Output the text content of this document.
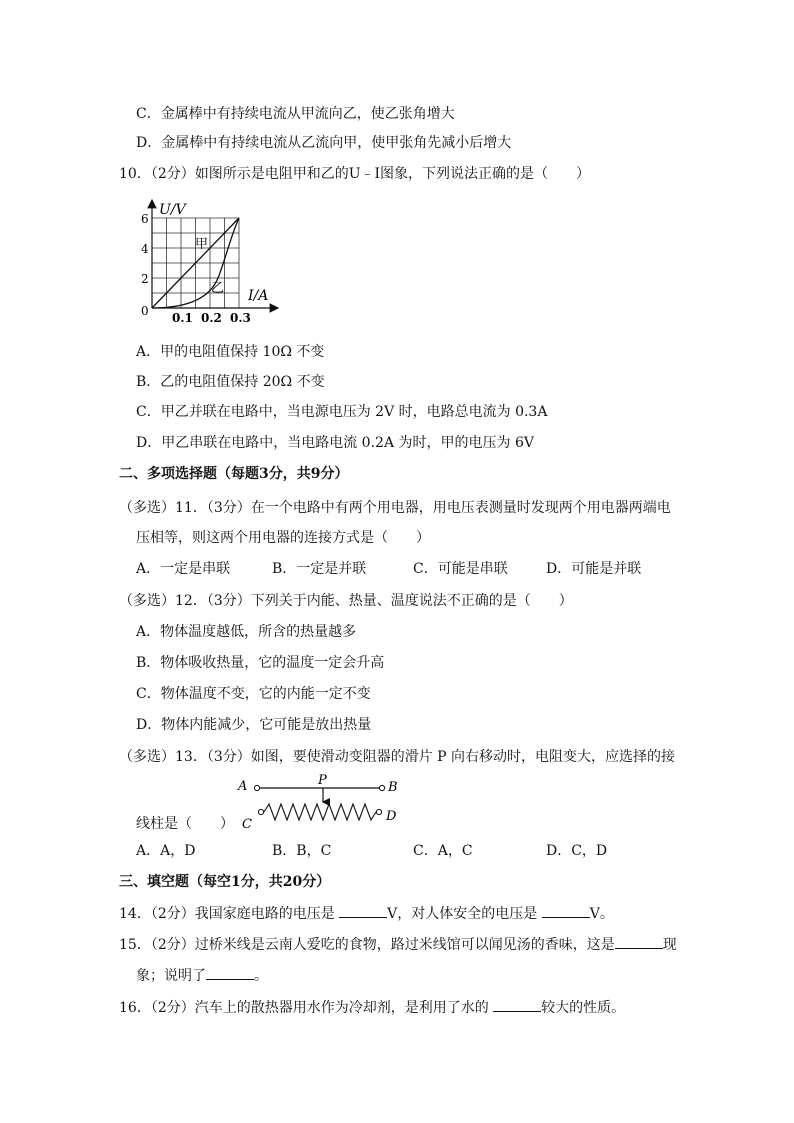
C．金属棒中有持续电流从甲流向乙，使乙张角增大
D．金属棒中有持续电流从乙流向甲，使甲张角先减小后增大
10．（2分）如图所示是电阻甲和乙的U﹣I图象，下列说法正确的是（　　）
U/V
I/A
6
4
2
0 0.1 0.2 0.3
甲
乙
A．甲的电阻值保持 10Ω 不变
B．乙的电阻值保持 20Ω 不变
C．甲乙并联在电路中，当电源电压为 2V 时，电路总电流为 0.3A
D．甲乙串联在电路中，当电路电流 0.2A 为时，甲的电压为 6V
二、多项选择题（每题3分，共9分）
（多选）11．（3分）在一个电路中有两个用电器，用电压表测量时发现两个用电器两端电
压相等，则这两个用电器的连接方式是（　　）
A．一定是串联	B．一定是并联	C．可能是串联	D．可能是并联
（多选）12．（3分）下列关于内能、热量、温度说法不正确的是（　　）
A．物体温度越低，所含的热量越多
B．物体吸收热量，它的温度一定会升高
C．物体温度不变，它的内能一定不变
D．物体内能减少，它可能是放出热量
（多选）13．（3分）如图，要使滑动变阻器的滑片 P 向右移动时，电阻变大，应选择的接
A	B
P
C
D
线柱是（　　）
A．A，D	B．B，C	C．A，C	D．C，D
三、填空题（每空1分，共20分）
14．（2分）我国家庭电路的电压是	V，对人体安全的电压是	V。
15．（2分）过桥米线是云南人爱吃的食物，路过米线馆可以闻见汤的香味，这是	现
象；说明了	。
16．（2分）汽车上的散热器用水作为冷却剂，是利用了水的	较大的性质。
